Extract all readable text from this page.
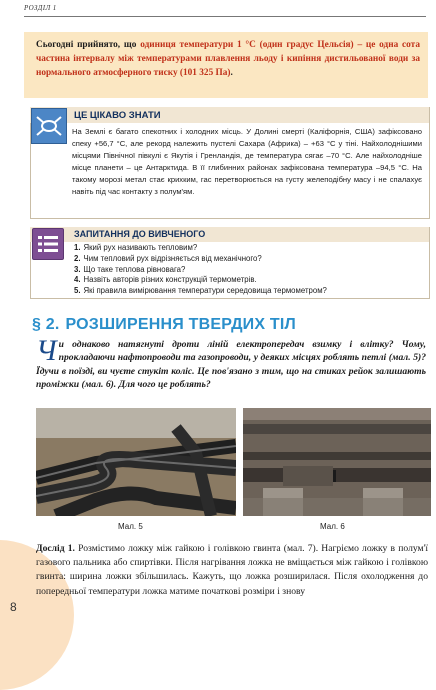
РОЗДІЛ 1
Сьогодні прийнято, що одиниця температури 1 °С (один градус Цельсія) – це одна сота частина інтервалу між температурами плавлення льоду і кипіння дистильованої води за нормального атмосферного тиску (101 325 Па).
ЦЕ ЦІКАВО ЗНАТИ
На Землі є багато спекотних і холодних місць. У Долині смерті (Каліфорнія, США) зафіксовано спеку +56,7 °С, але рекорд належить пустелі Сахара (Африка) – +63 °С у тіні. Найхолоднішими місцями Північної півкулі є Якутія і Гренландія, де температура сягає –70 °С. Але найхолодніше місце планети – це Антарктида. В її глибинних районах зафіксована температура –94,5 °С. На такому морозі метал стає крихким, гас перетворюється на густу желеподібну масу і не спалахує навіть під час контакту з полум'ям.
ЗАПИТАННЯ ДО ВИВЧЕНОГО
1. Який рух називають тепловим?
2. Чим тепловий рух відрізняється від механічного?
3. Що таке теплова рівновага?
4. Назвіть авторів різних конструкцій термометрів.
5. Які правила вимірювання температури середовища термометром?
§ 2. РОЗШИРЕННЯ ТВЕРДИХ ТІЛ
Чи однаково натягнуті дроти ліній електропередач взимку і влітку? Чому, прокладаючи нафтопроводи та газопроводи, у деяких місцях роблять петлі (мал. 5)? Їдучи в поїзді, ви чуєте стукіт коліс. Це пов'язано з тим, що на стиках рейок залишають проміжки (мал. 6). Для чого це роблять?
Мал. 5	Мал. 6
Дослід 1. Розмістимо ложку між гайкою і голівкою гвинта (мал. 7). Нагріємо ложку в полум'ї газового пальника або спиртівки. Після нагрівання ложка не вміщається між гайкою і голівкою гвинта: ширина ложки збільшилась. Кажуть, що ложка розширилася. Після охолодження до попередньої температури ложка матиме початкові розміри і знову
8
